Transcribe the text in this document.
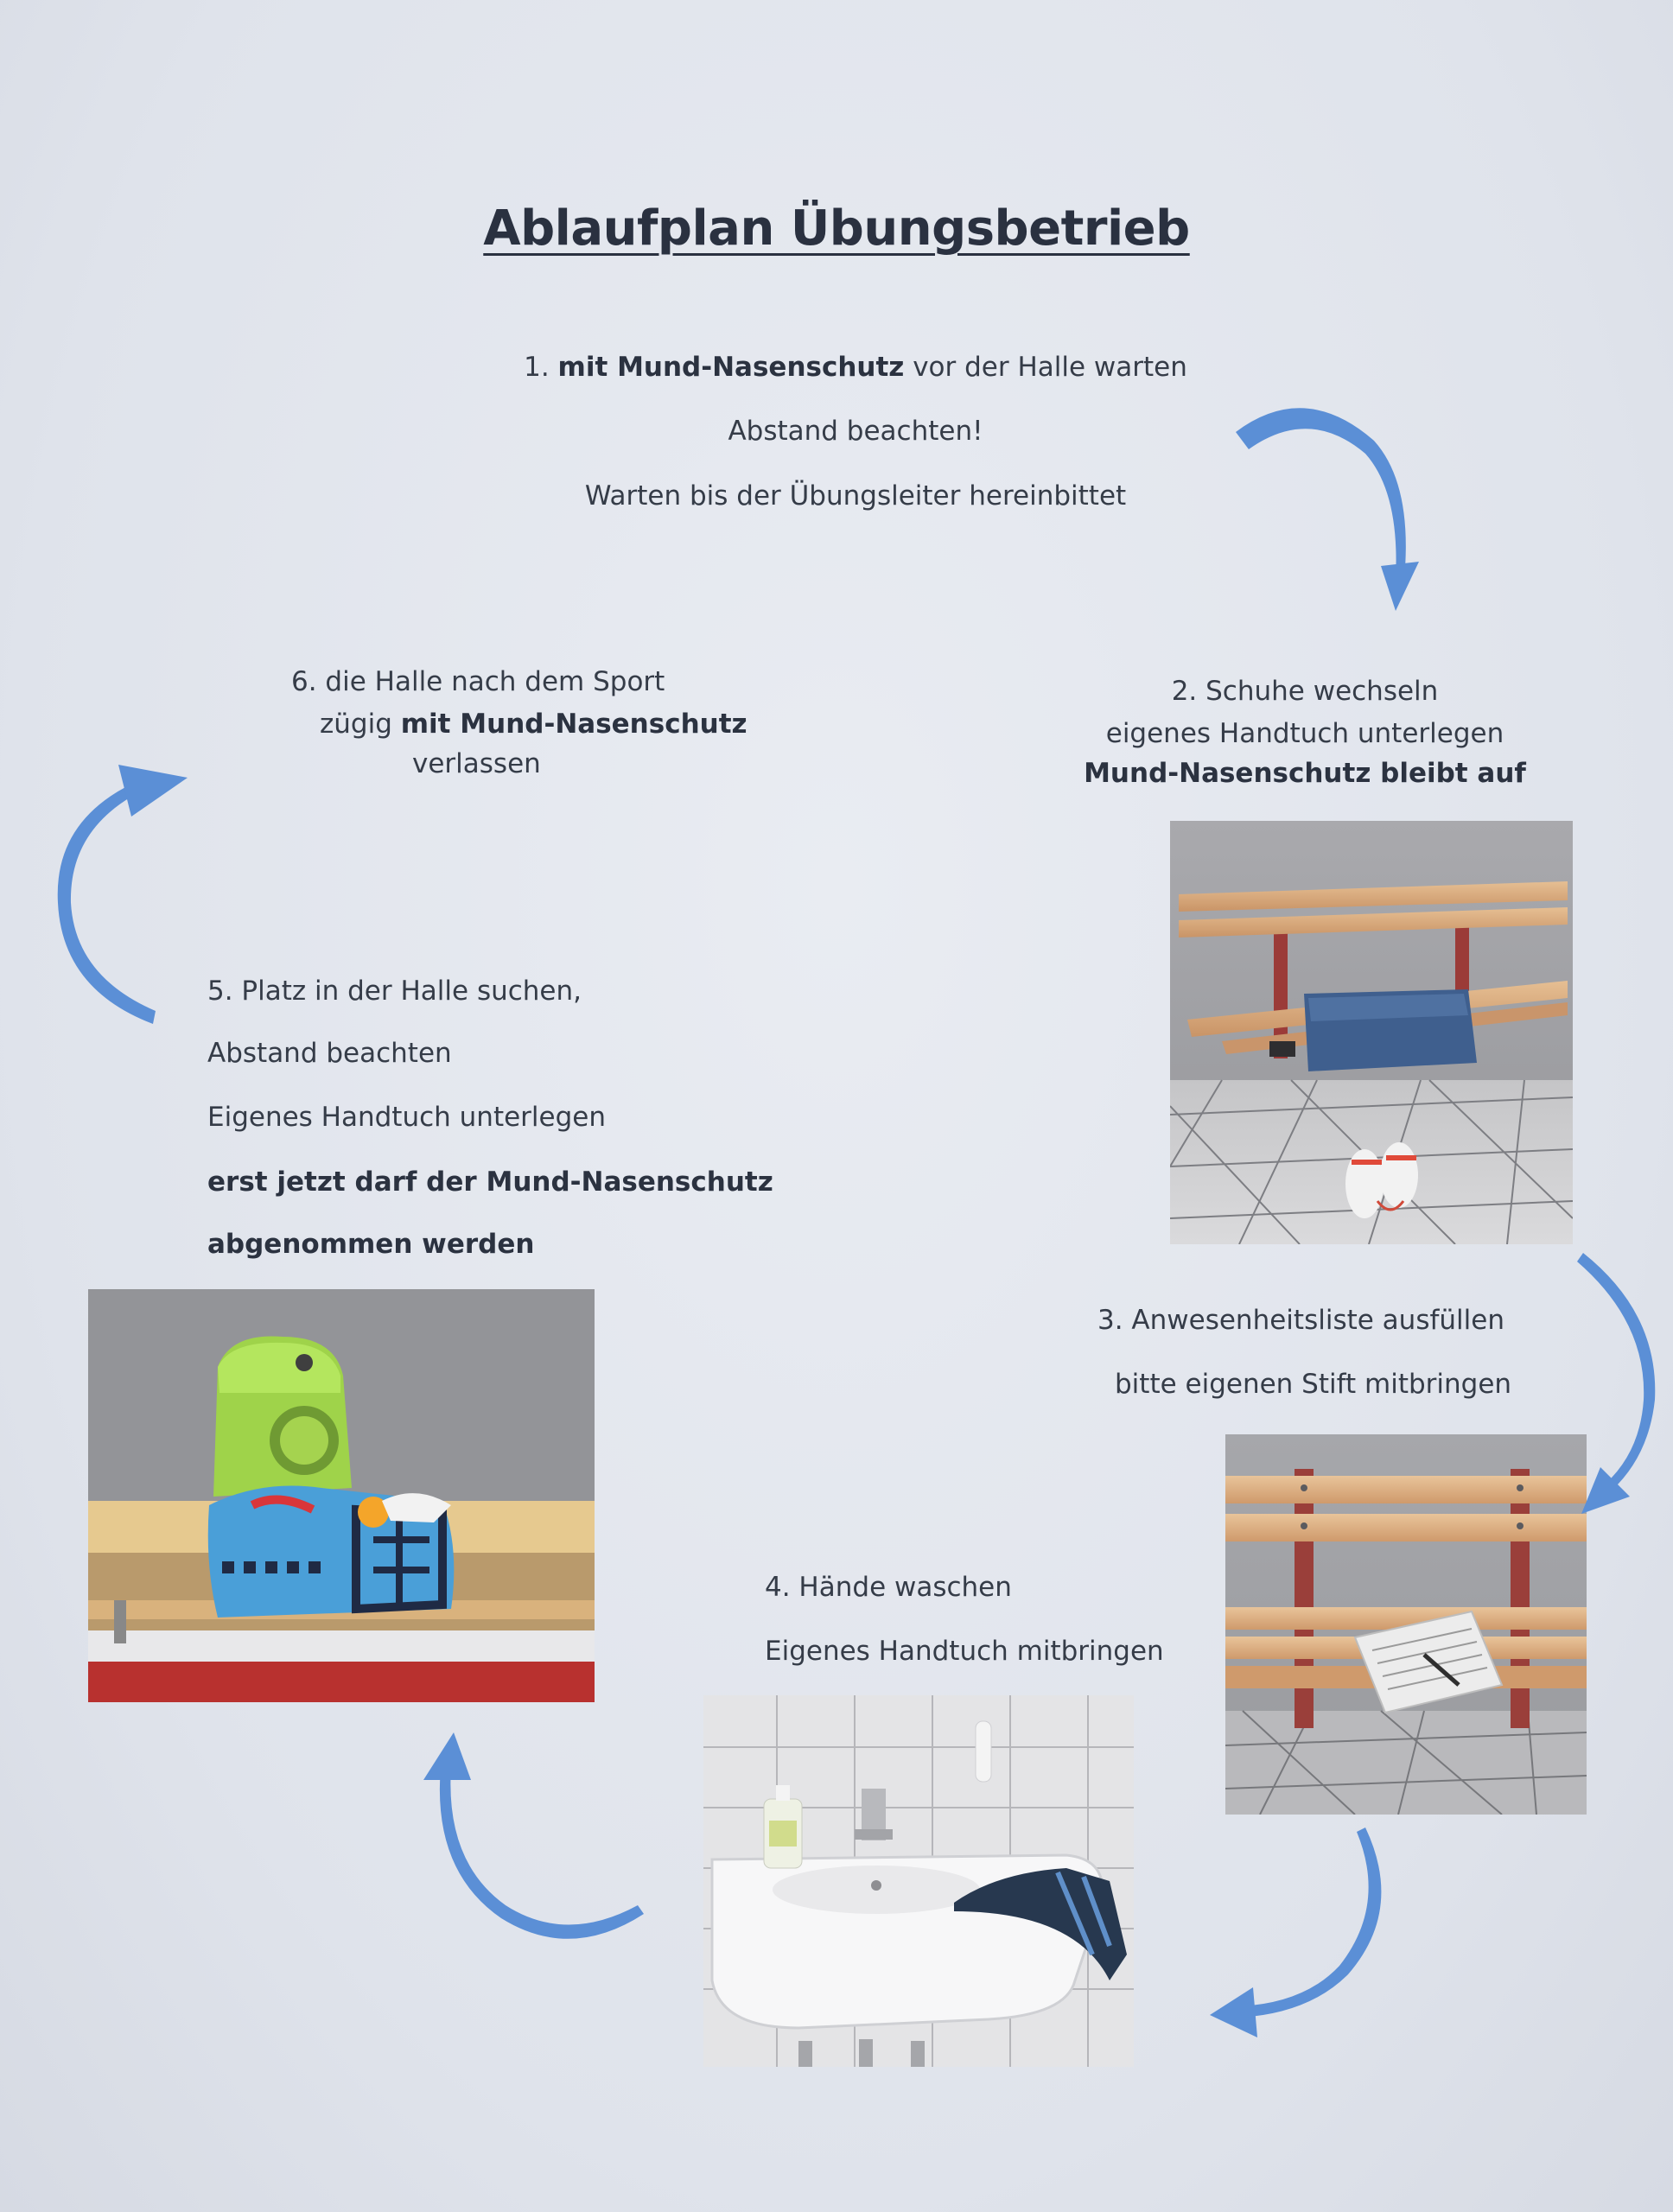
Ablaufplan Übungsbetrieb
1. mit Mund-Nasenschutz vor der Halle warten
Abstand beachten!
Warten bis der Übungsleiter hereinbittet
2. Schuhe wechseln
eigenes Handtuch unterlegen
Mund-Nasenschutz bleibt auf
3. Anwesenheitsliste ausfüllen
bitte eigenen Stift mitbringen
4. Hände waschen
Eigenes Handtuch mitbringen
5. Platz in der Halle suchen,
Abstand beachten
Eigenes Handtuch unterlegen
erst jetzt darf der Mund-Nasenschutz
abgenommen werden
6. die Halle nach dem Sport
zügig mit Mund-Nasenschutz
verlassen
